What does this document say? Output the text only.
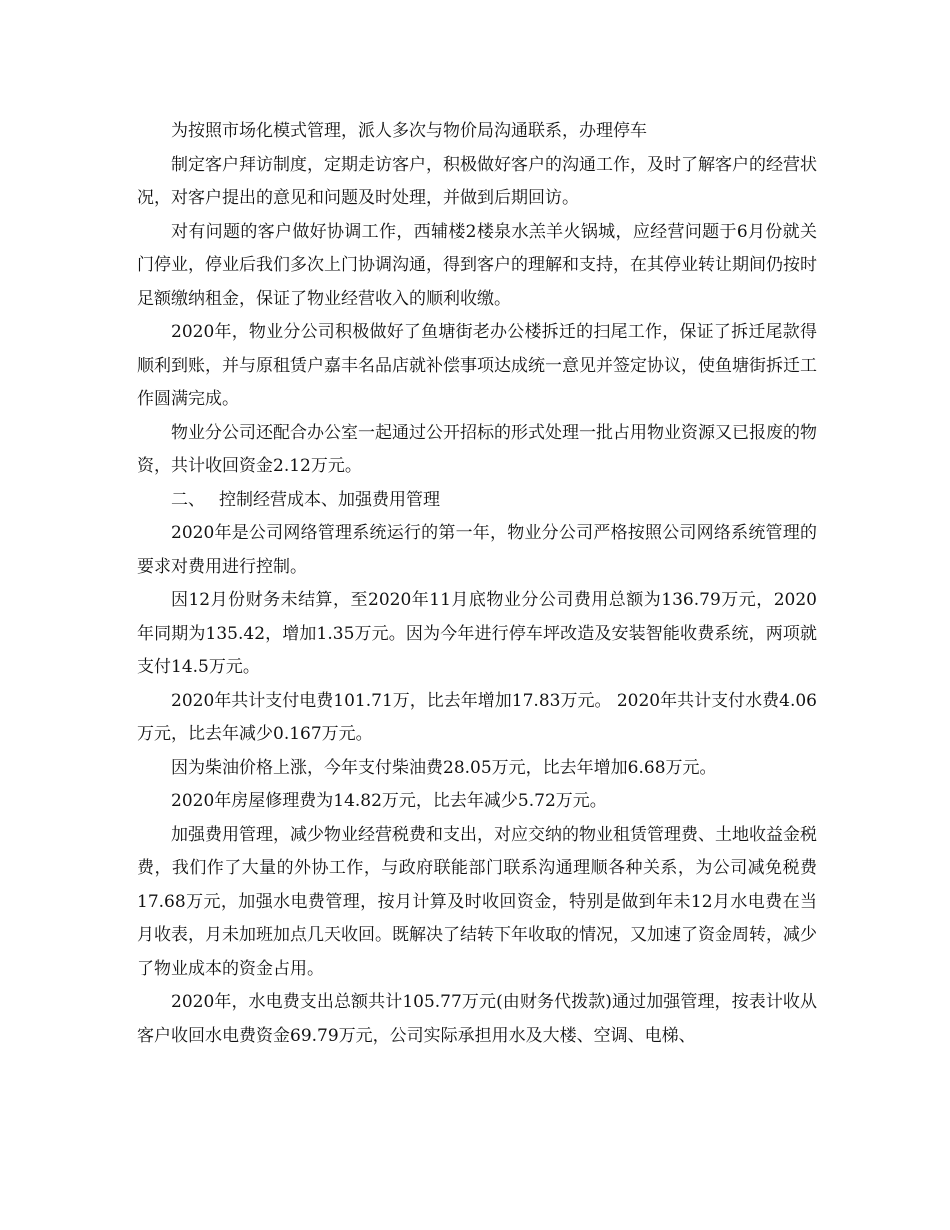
为按照市场化模式管理，派人多次与物价局沟通联系，办理停车

制定客户拜访制度，定期走访客户，积极做好客户的沟通工作，及时了解客户的经营状况，对客户提出的意见和问题及时处理，并做到后期回访。

对有问题的客户做好协调工作，西辅楼2楼泉水羔羊火锅城，应经营问题于6月份就关门停业，停业后我们多次上门协调沟通，得到客户的理解和支持，在其停业转让期间仍按时足额缴纳租金，保证了物业经营收入的顺利收缴。

2020年，物业分公司积极做好了鱼塘街老办公楼拆迁的扫尾工作，保证了拆迁尾款得顺利到账，并与原租赁户嘉丰名品店就补偿事项达成统一意见并签定协议，使鱼塘街拆迁工作圆满完成。

物业分公司还配合办公室一起通过公开招标的形式处理一批占用物业资源又已报废的物资，共计收回资金2.12万元。

二、 控制经营成本、加强费用管理

2020年是公司网络管理系统运行的第一年，物业分公司严格按照公司网络系统管理的要求对费用进行控制。

因12月份财务未结算，至2020年11月底物业分公司费用总额为136.79万元，2020年同期为135.42，增加1.35万元。因为今年进行停车坪改造及安装智能收费系统，两项就支付14.5万元。

2020年共计支付电费101.71万，比去年增加17.83万元。 2020年共计支付水费4.06万元，比去年减少0.167万元。

因为柴油价格上涨，今年支付柴油费28.05万元，比去年增加6.68万元。

2020年房屋修理费为14.82万元，比去年减少5.72万元。

加强费用管理，减少物业经营税费和支出，对应交纳的物业租赁管理费、土地收益金税费，我们作了大量的外协工作，与政府联能部门联系沟通理顺各种关系，为公司减免税费17.68万元，加强水电费管理，按月计算及时收回资金，特别是做到年未12月水电费在当月收表，月未加班加点几天收回。既解决了结转下年收取的情况，又加速了资金周转，减少了物业成本的资金占用。

2020年，水电费支出总额共计105.77万元(由财务代拨款)通过加强管理，按表计收从客户收回水电费资金69.79万元，公司实际承担用水及大楼、空调、电梯、
